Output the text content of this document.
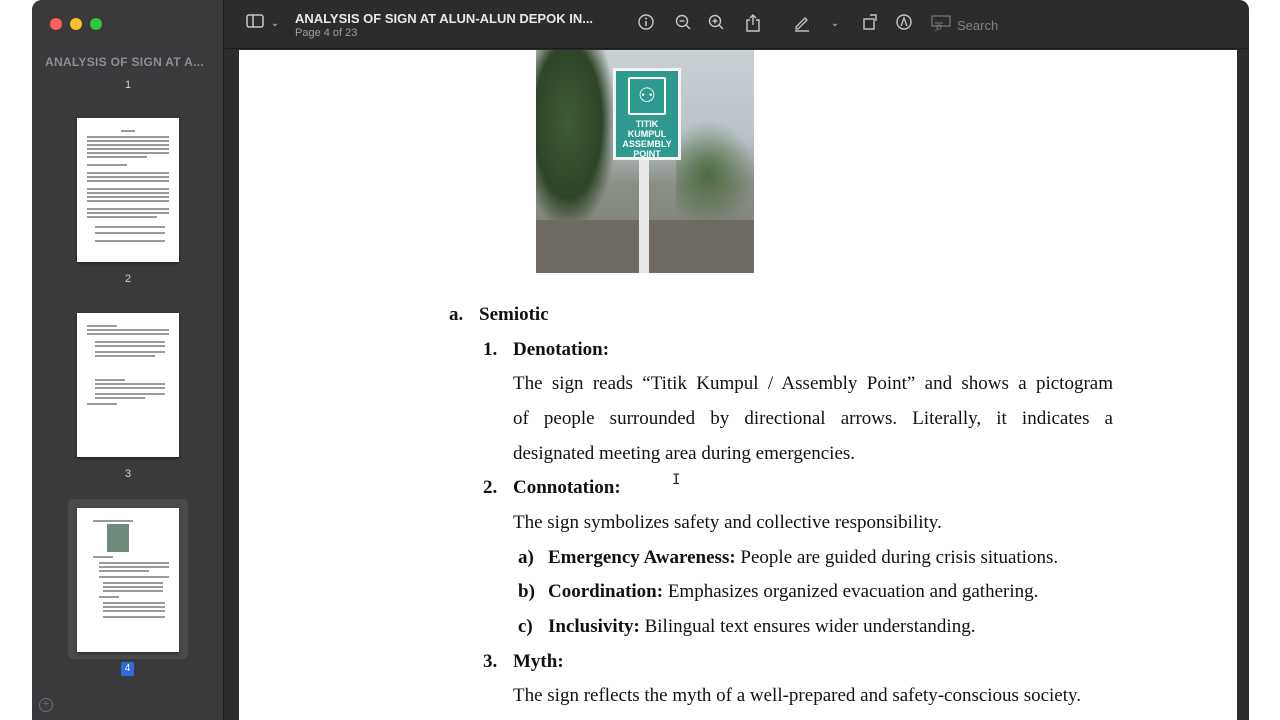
ANALYSIS OF SIGN AT A...
1
2
3
4
+
⌄	ANALYSIS OF SIGN AT ALUN-ALUN DEPOK IN...
Page 4 of 23
⌄	⌕ Search
⚇
TITIK KUMPUL
ASSEMBLY POINT
a. Semiotic
1. Denotation:
The sign reads “Titik Kumpul / Assembly Point” and shows a pictogram
of people surrounded by directional arrows. Literally, it indicates a
designated meeting area during emergencies.
2. Connotation:
The sign symbolizes safety and collective responsibility.
a) Emergency Awareness: People are guided during crisis situations.
b) Coordination: Emphasizes organized evacuation and gathering.
c) Inclusivity: Bilingual text ensures wider understanding.
3. Myth:
The sign reflects the myth of a well-prepared and safety-conscious society.
I
